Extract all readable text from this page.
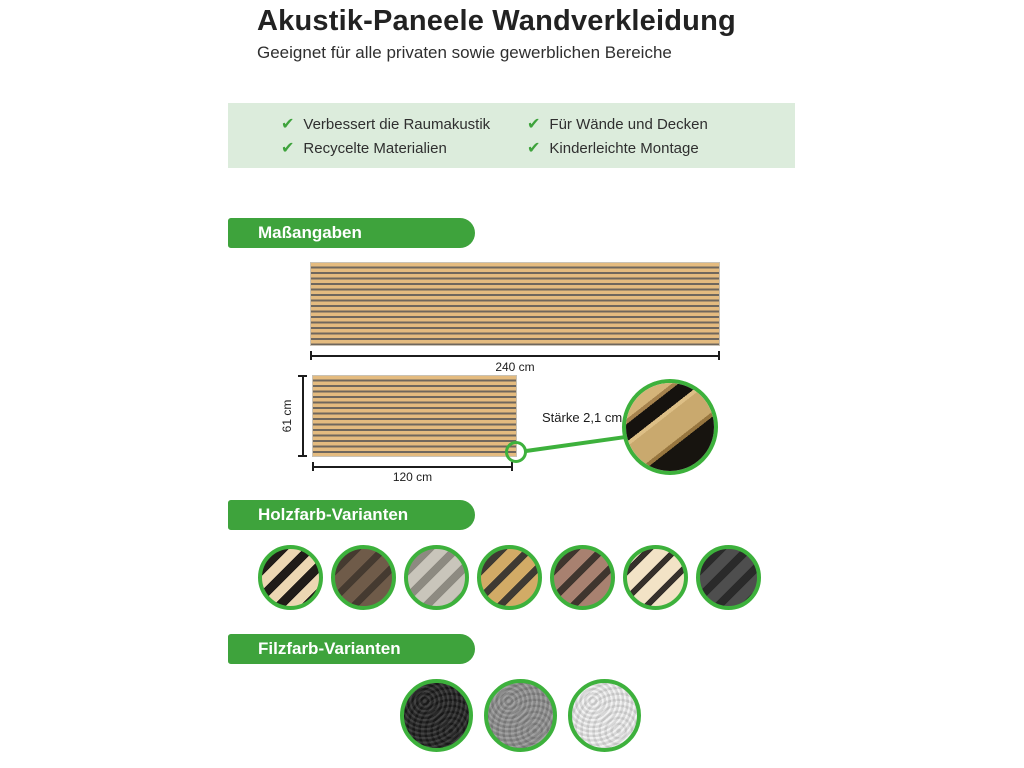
Akustik-Paneele Wandverkleidung
Geeignet für alle privaten sowie gewerblichen Bereiche
✔ Verbessert die Raumakustik ✔ Für Wände und Decken
✔ Recycelte Materialien	✔ Kinderleichte Montage
Maßangaben
240 cm
61 cm
120 cm
Stärke 2,1 cm
Holzfarb-Varianten
Filzfarb-Varianten
